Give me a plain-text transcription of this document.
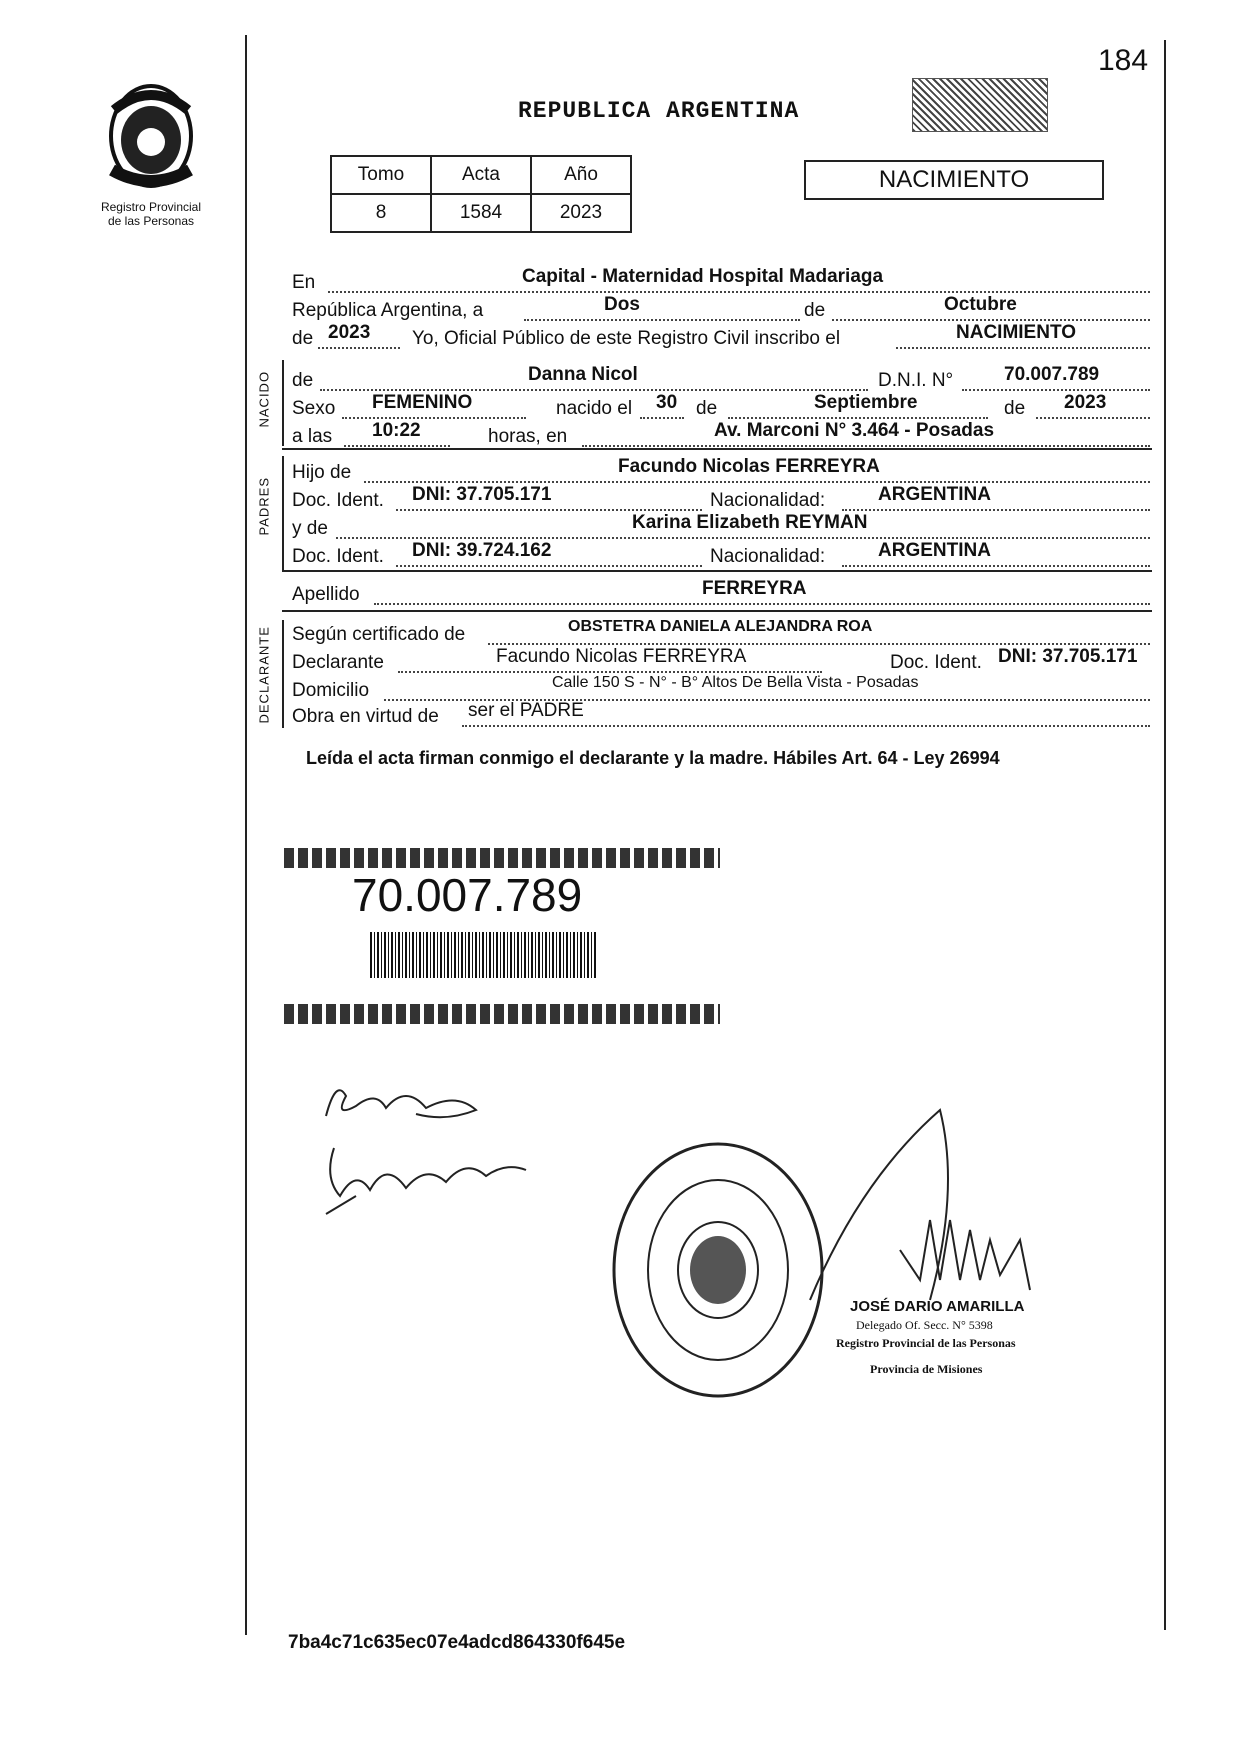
184
Registro Provincial
de las Personas
REPUBLICA ARGENTINA
Tomo	Acta	Año
8	1584	2023
NACIMIENTO
En	Capital - Maternidad Hospital Madariaga
República Argentina, a	Dos	de	Octubre
de 2023 Yo, Oficial Público de este Registro Civil inscribo el	NACIMIENTO
NACIDO de	Danna Nicol	D.N.I. N°	70.007.789
Sexo FEMENINO	nacido el 30 de	Septiembre	de 2023
a las 10:22	horas, en	Av. Marconi N° 3.464 - Posadas
PADRES
Hijo de	Facundo Nicolas FERREYRA
Doc. Ident. DNI: 37.705.171	Nacionalidad:	ARGENTINA
y de	Karina Elizabeth REYMAN
Doc. Ident. DNI: 39.724.162	Nacionalidad:	ARGENTINA
Apellido	FERREYRA
DECLARANTE Según certificado de	OBSTETRA DANIELA ALEJANDRA ROA
Declarante	Facundo Nicolas FERREYRA	Doc. Ident. DNI: 37.705.171
Domicilio	Calle 150 S - N° - B° Altos De Bella Vista - Posadas
Obra en virtud de ser el PADRE
Leída el acta firman conmigo el declarante y la madre. Hábiles Art. 64 - Ley 26994
70.007.789
JOSÉ DARIO AMARILLA
Delegado Of. Secc. N° 5398
Registro Provincial de las Personas
Provincia de Misiones
7ba4c71c635ec07e4adcd864330f645e
